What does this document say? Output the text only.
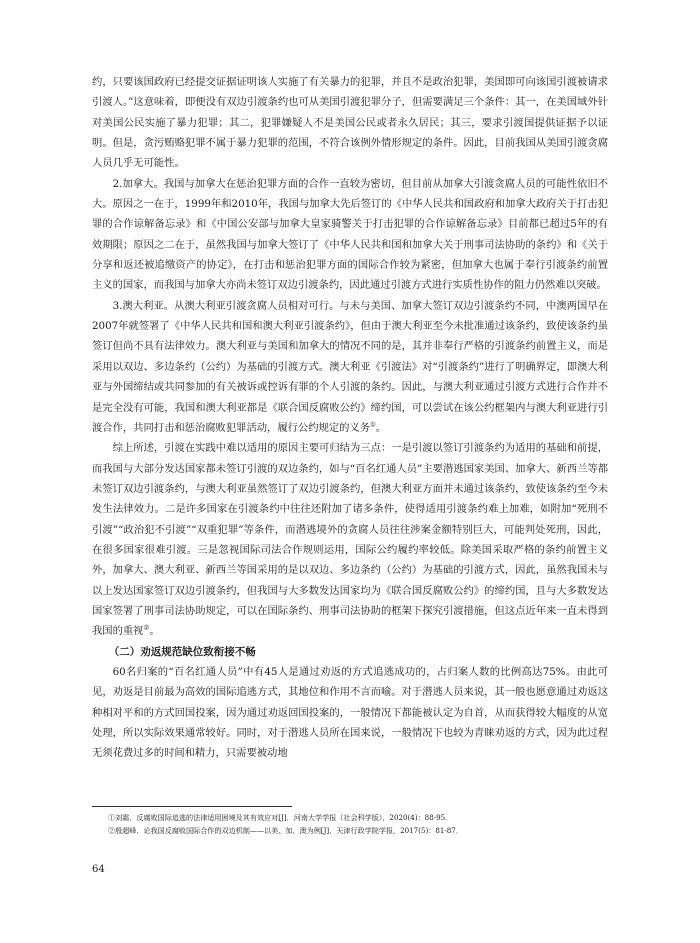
约，只要该国政府已经提交证据证明该人实施了有关暴力的犯罪，并且不是政治犯罪，美国即可向该国引渡被请求引渡人。”这意味着，即便没有双边引渡条约也可从美国引渡犯罪分子，但需要满足三个条件：其一，在美国域外针对美国公民实施了暴力犯罪；其二，犯罪嫌疑人不是美国公民或者永久居民；其三，要求引渡国提供证据予以证明。但是，贪污贿赂犯罪不属于暴力犯罪的范围，不符合该例外情形规定的条件。因此，目前我国从美国引渡贪腐人员几乎无可能性。

2.加拿大。我国与加拿大在惩治犯罪方面的合作一直较为密切，但目前从加拿大引渡贪腐人员的可能性依旧不大。原因之一在于，1999年和2010年，我国与加拿大先后签订的《中华人民共和国政府和加拿大政府关于打击犯罪的合作谅解备忘录》和《中国公安部与加拿大皇家骑警关于打击犯罪的合作谅解备忘录》目前都已超过5年的有效期限；原因之二在于，虽然我国与加拿大签订了《中华人民共和国和加拿大关于刑事司法协助的条约》和《关于分享和返还被追缴资产的协定》，在打击和惩治犯罪方面的国际合作较为紧密，但加拿大也属于奉行引渡条约前置主义的国家，而我国与加拿大亦尚未签订双边引渡条约，因此通过引渡方式进行实质性协作的阻力仍然难以突破。

3.澳大利亚。从澳大利亚引渡贪腐人员相对可行。与未与美国、加拿大签订双边引渡条约不同，中澳两国早在2007年就签署了《中华人民共和国和澳大利亚引渡条约》，但由于澳大利亚至今未批准通过该条约，致使该条约虽签订但尚不具有法律效力。澳大利亚与美国和加拿大的情况不同的是，其并非奉行严格的引渡条约前置主义，而是采用以双边、多边条约（公约）为基础的引渡方式。澳大利亚《引渡法》对“引渡条约”进行了明确界定，即澳大利亚与外国缔结或共同参加的有关被诉或控诉有罪的个人引渡的条约。因此，与澳大利亚通过引渡方式进行合作并不是完全没有可能，我国和澳大利亚都是《联合国反腐败公约》缔约国，可以尝试在该公约框架内与澳大利亚进行引渡合作，共同打击和惩治腐败犯罪活动，履行公约规定的义务①。

综上所述，引渡在实践中难以适用的原因主要可归结为三点：一是引渡以签订引渡条约为适用的基础和前提，而我国与大部分发达国家都未签订引渡的双边条约，如与“百名红通人员”主要潜逃国家美国、加拿大、新西兰等都未签订双边引渡条约，与澳大利亚虽然签订了双边引渡条约，但澳大利亚方面并未通过该条约，致使该条约至今未发生法律效力。二是许多国家在引渡条约中往往还附加了诸多条件，使得适用引渡条约难上加难，如附加“死刑不引渡”“政治犯不引渡”“双重犯罪”等条件，而潜逃境外的贪腐人员往往涉案金额特别巨大，可能判处死刑，因此，在很多国家很难引渡。三是忽视国际司法合作规则运用，国际公约履约率较低。除美国采取严格的条约前置主义外，加拿大、澳大利亚、新西兰等国采用的是以双边、多边条约（公约）为基础的引渡方式，因此，虽然我国未与以上发达国家签订双边引渡条约，但我国与大多数发达国家均为《联合国反腐败公约》的缔约国，且与大多数发达国家签署了刑事司法协助规定，可以在国际条约、刑事司法协助的框架下探究引渡措施，但这点近年来一直未得到我国的重视②。

（二）劝返规范缺位致衔接不畅

60名归案的“百名红通人员”中有45人是通过劝返的方式追逃成功的，占归案人数的比例高达75%。由此可见，劝返是目前最为高效的国际追逃方式，其地位和作用不言而喻。对于潜逃人员来说，其一般也愿意通过劝返这种相对平和的方式回国投案，因为通过劝返回国投案的，一般情况下都能被认定为自首，从而获得较大幅度的从宽处理，所以实际效果通常较好。同时，对于潜逃人员所在国来说，一般情况下也较为青睐劝返的方式，因为此过程无须花费过多的时间和精力，只需要被动地

①刘霜．反腐败国际追逃的法律适用困境及其有效应对[J]．河南大学学报（社会科学版），2020(4)：88-95．

②殷超峰．论我国反腐败国际合作的双边机制——以美、加、澳为例[J]．天津行政学院学报，2017(5)：81-87．

64
